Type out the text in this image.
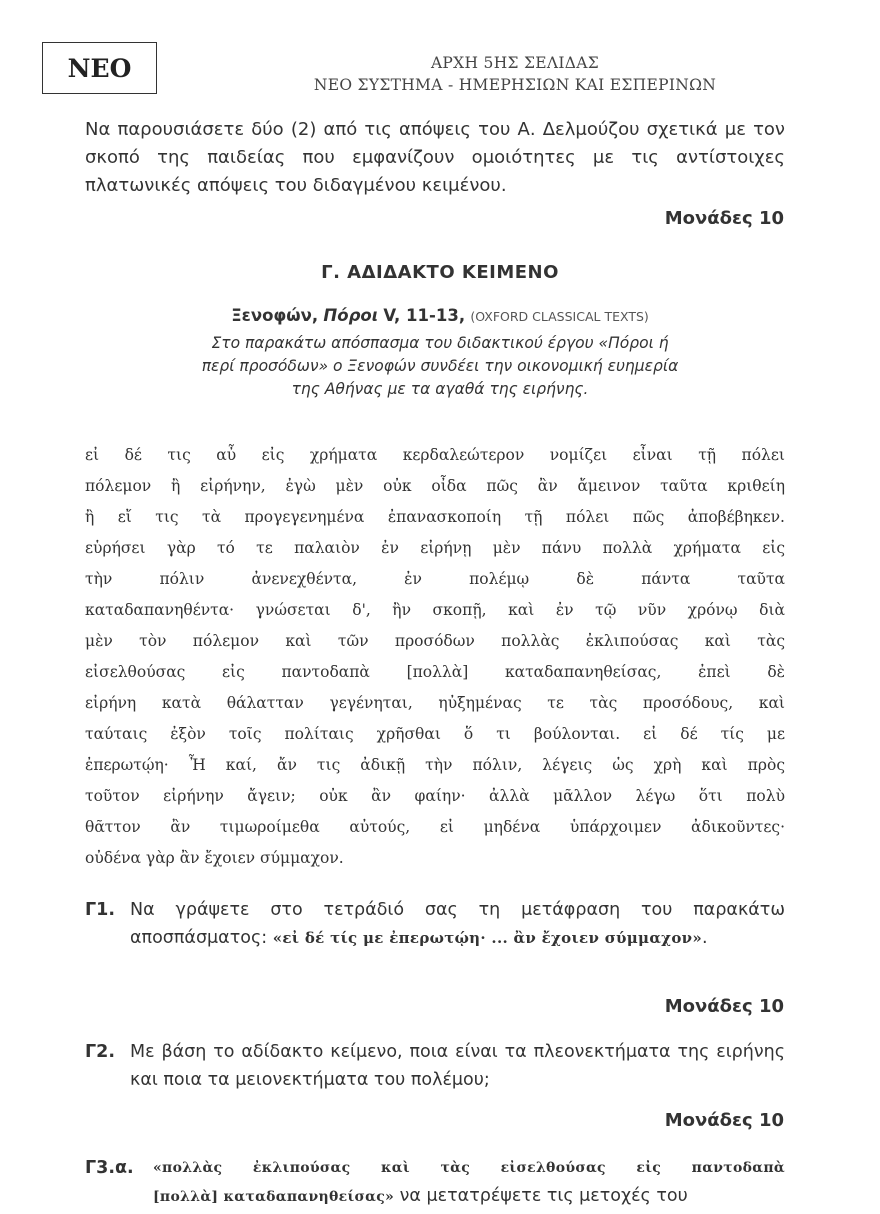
ΝΕΟ	ΑΡΧΗ 5ΗΣ ΣΕΛΙΔΑΣ
ΝΕΟ ΣΥΣΤΗΜΑ - ΗΜΕΡΗΣΙΩΝ ΚΑΙ ΕΣΠΕΡΙΝΩΝ
Να παρουσιάσετε δύο (2) από τις απόψεις του Α. Δελμούζου σχετικά με τον σκοπό της παιδείας που εμφανίζουν ομοιότητες με τις αντίστοιχες πλατωνικές απόψεις του διδαγμένου κειμένου.
Μονάδες 10
Γ. ΑΔΙΔΑΚΤΟ ΚΕΙΜΕΝΟ
Ξενοφών, Πόροι V, 11-13, (OXFORD CLASSICAL TEXTS)
Στο παρακάτω απόσπασμα του διδακτικού έργου «Πόροι ή
περί προσόδων» ο Ξενοφών συνδέει την οικονομική ευημερία
της Αθήνας με τα αγαθά της ειρήνης.
εἰ δέ τις αὖ εἰς χρήματα κερδαλεώτερον νομίζει εἶναι τῇ πόλει
πόλεμον ἢ εἰρήνην, ἐγὼ μὲν οὐκ οἶδα πῶς ἂν ἄμεινον ταῦτα κριθείη
ἢ εἴ τις τὰ προγεγενημένα ἐπανασκοποίη τῇ πόλει πῶς ἀποβέβηκεν.
εὑρήσει γὰρ τό τε παλαιὸν ἐν εἰρήνῃ μὲν πάνυ πολλὰ χρήματα εἰς
τὴν πόλιν ἀνενεχθέντα, ἐν πολέμῳ δὲ πάντα ταῦτα
καταδαπανηθέντα· γνώσεται δ', ἢν σκοπῇ, καὶ ἐν τῷ νῦν χρόνῳ διὰ
μὲν τὸν πόλεμον καὶ τῶν προσόδων πολλὰς ἐκλιπούσας καὶ τὰς
εἰσελθούσας εἰς παντοδαπὰ [πολλὰ] καταδαπανηθείσας, ἐπεὶ δὲ
εἰρήνη κατὰ θάλατταν γεγένηται, ηὐξημένας τε τὰς προσόδους, καὶ
ταύταις ἐξὸν τοῖς πολίταις χρῆσθαι ὅ τι βούλονται. εἰ δέ τίς με
ἐπερωτῴη· Ἦ καί, ἄν τις ἀδικῇ τὴν πόλιν, λέγεις ὡς χρὴ καὶ πρὸς
τοῦτον εἰρήνην ἄγειν; οὐκ ἂν φαίην· ἀλλὰ μᾶλλον λέγω ὅτι πολὺ
θᾶττον ἂν τιμωροίμεθα αὐτούς, εἰ μηδένα ὑπάρχοιμεν ἀδικοῦντες·
οὐδένα γὰρ ἂν ἔχοιεν σύμμαχον.
Γ1. Να γράψετε στο τετράδιό σας τη μετάφραση του παρακάτω αποσπάσματος: «εἰ δέ τίς με ἐπερωτῴη· ... ἂν ἔχοιεν σύμμαχον».
Μονάδες 10
Γ2. Με βάση το αδίδακτο κείμενο, ποια είναι τα πλεονεκτήματα της ειρήνης και ποια τα μειονεκτήματα του πολέμου;
Μονάδες 10
Γ3.α. «πολλὰς ἐκλιπούσας καὶ τὰς εἰσελθούσας εἰς παντοδαπὰ
[πολλὰ] καταδαπανηθείσας» να μετατρέψετε τις μετοχές του
